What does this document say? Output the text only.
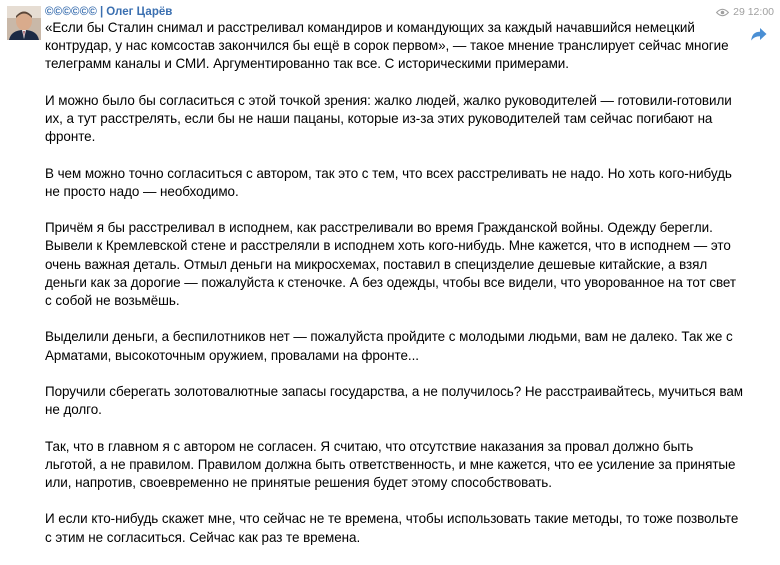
©©©©©© | Олег Царёв

«Если бы Сталин снимал и расстреливал командиров и командующих за каждый начавшийся немецкий контрудар, у нас комсостав закончился бы ещё в сорок первом», — такое мнение транслирует сейчас многие телеграмм каналы и СМИ. Аргументированно так все. С историческими примерами.

И можно было бы согласиться с этой точкой зрения: жалко людей, жалко руководителей — готовили-готовили их, а тут расстрелять, если бы не наши пацаны, которые из-за этих руководителей там сейчас погибают на фронте.

В чем можно точно согласиться с автором, так это с тем, что всех расстреливать не надо. Но хоть кого-нибудь не просто надо — необходимо.

Причём я бы расстреливал в исподнем, как расстреливали во время Гражданской войны. Одежду берегли. Вывели к Кремлевской стене и расстреляли в исподнем хоть кого-нибудь. Мне кажется, что в исподнем — это очень важная деталь. Отмыл деньги на микросхемах, поставил в специзделие дешевые китайские, а взял деньги как за дорогие — пожалуйста к стеночке. А без одежды, чтобы все видели, что уворованное на тот свет с собой не возьмёшь.

Выделили деньги, а беспилотников нет — пожалуйста пройдите с молодыми людьми, вам не далеко. Так же с Арматами, высокоточным оружием, провалами на фронте...

Поручили сберегать золотовалютные запасы государства, а не получилось? Не расстраивайтесь, мучиться вам не долго.

Так, что в главном я с автором не согласен. Я считаю, что отсутствие наказания за провал должно быть льготой, а не правилом. Правилом должна быть ответственность, и мне кажется, что ее усиление за принятые или, напротив, своевременно не принятые решения будет этому способствовать.

И если кто-нибудь скажет мне, что сейчас не те времена, чтобы использовать такие методы, то тоже позвольте с этим не согласиться. Сейчас как раз те времена.

29 12:00
